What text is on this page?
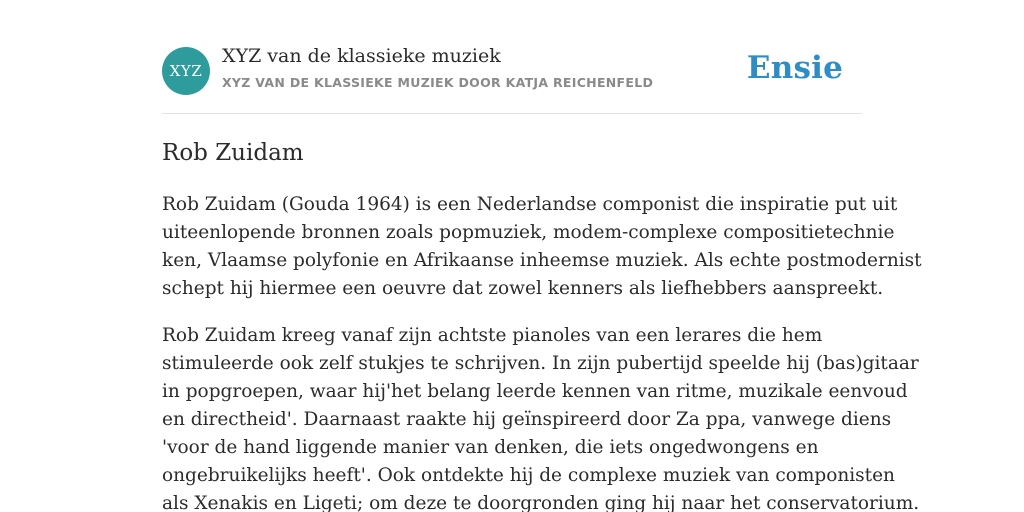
XYZ
XYZ van de klassieke muziek
XYZ VAN DE KLASSIEKE MUZIEK DOOR KATJA REICHENFELD	Ensie
Rob Zuidam

Rob Zuidam (Gouda 1964) is een Nederlandse componist die inspiratie put uit
uiteenlopende bronnen zoals popmuziek, modem-complexe compositietechnie
ken, Vlaamse polyfonie en Afrikaanse inheemse muziek. Als echte postmodernist
schept hij hiermee een oeuvre dat zowel kenners als liefhebbers aanspreekt.

Rob Zuidam kreeg vanaf zijn achtste pianoles van een lerares die hem
stimuleerde ook zelf stukjes te schrijven. In zijn pubertijd speelde hij (bas)gitaar
in popgroepen, waar hij'het belang leerde kennen van ritme, muzikale eenvoud
en directheid'. Daarnaast raakte hij geïnspireerd door Za ppa, vanwege diens
'voor de hand liggende manier van denken, die iets ongedwongens en
ongebruikelijks heeft'. Ook ontdekte hij de complexe muziek van componisten
als Xenakis en Ligeti; om deze te doorgronden ging hij naar het conservatorium.
